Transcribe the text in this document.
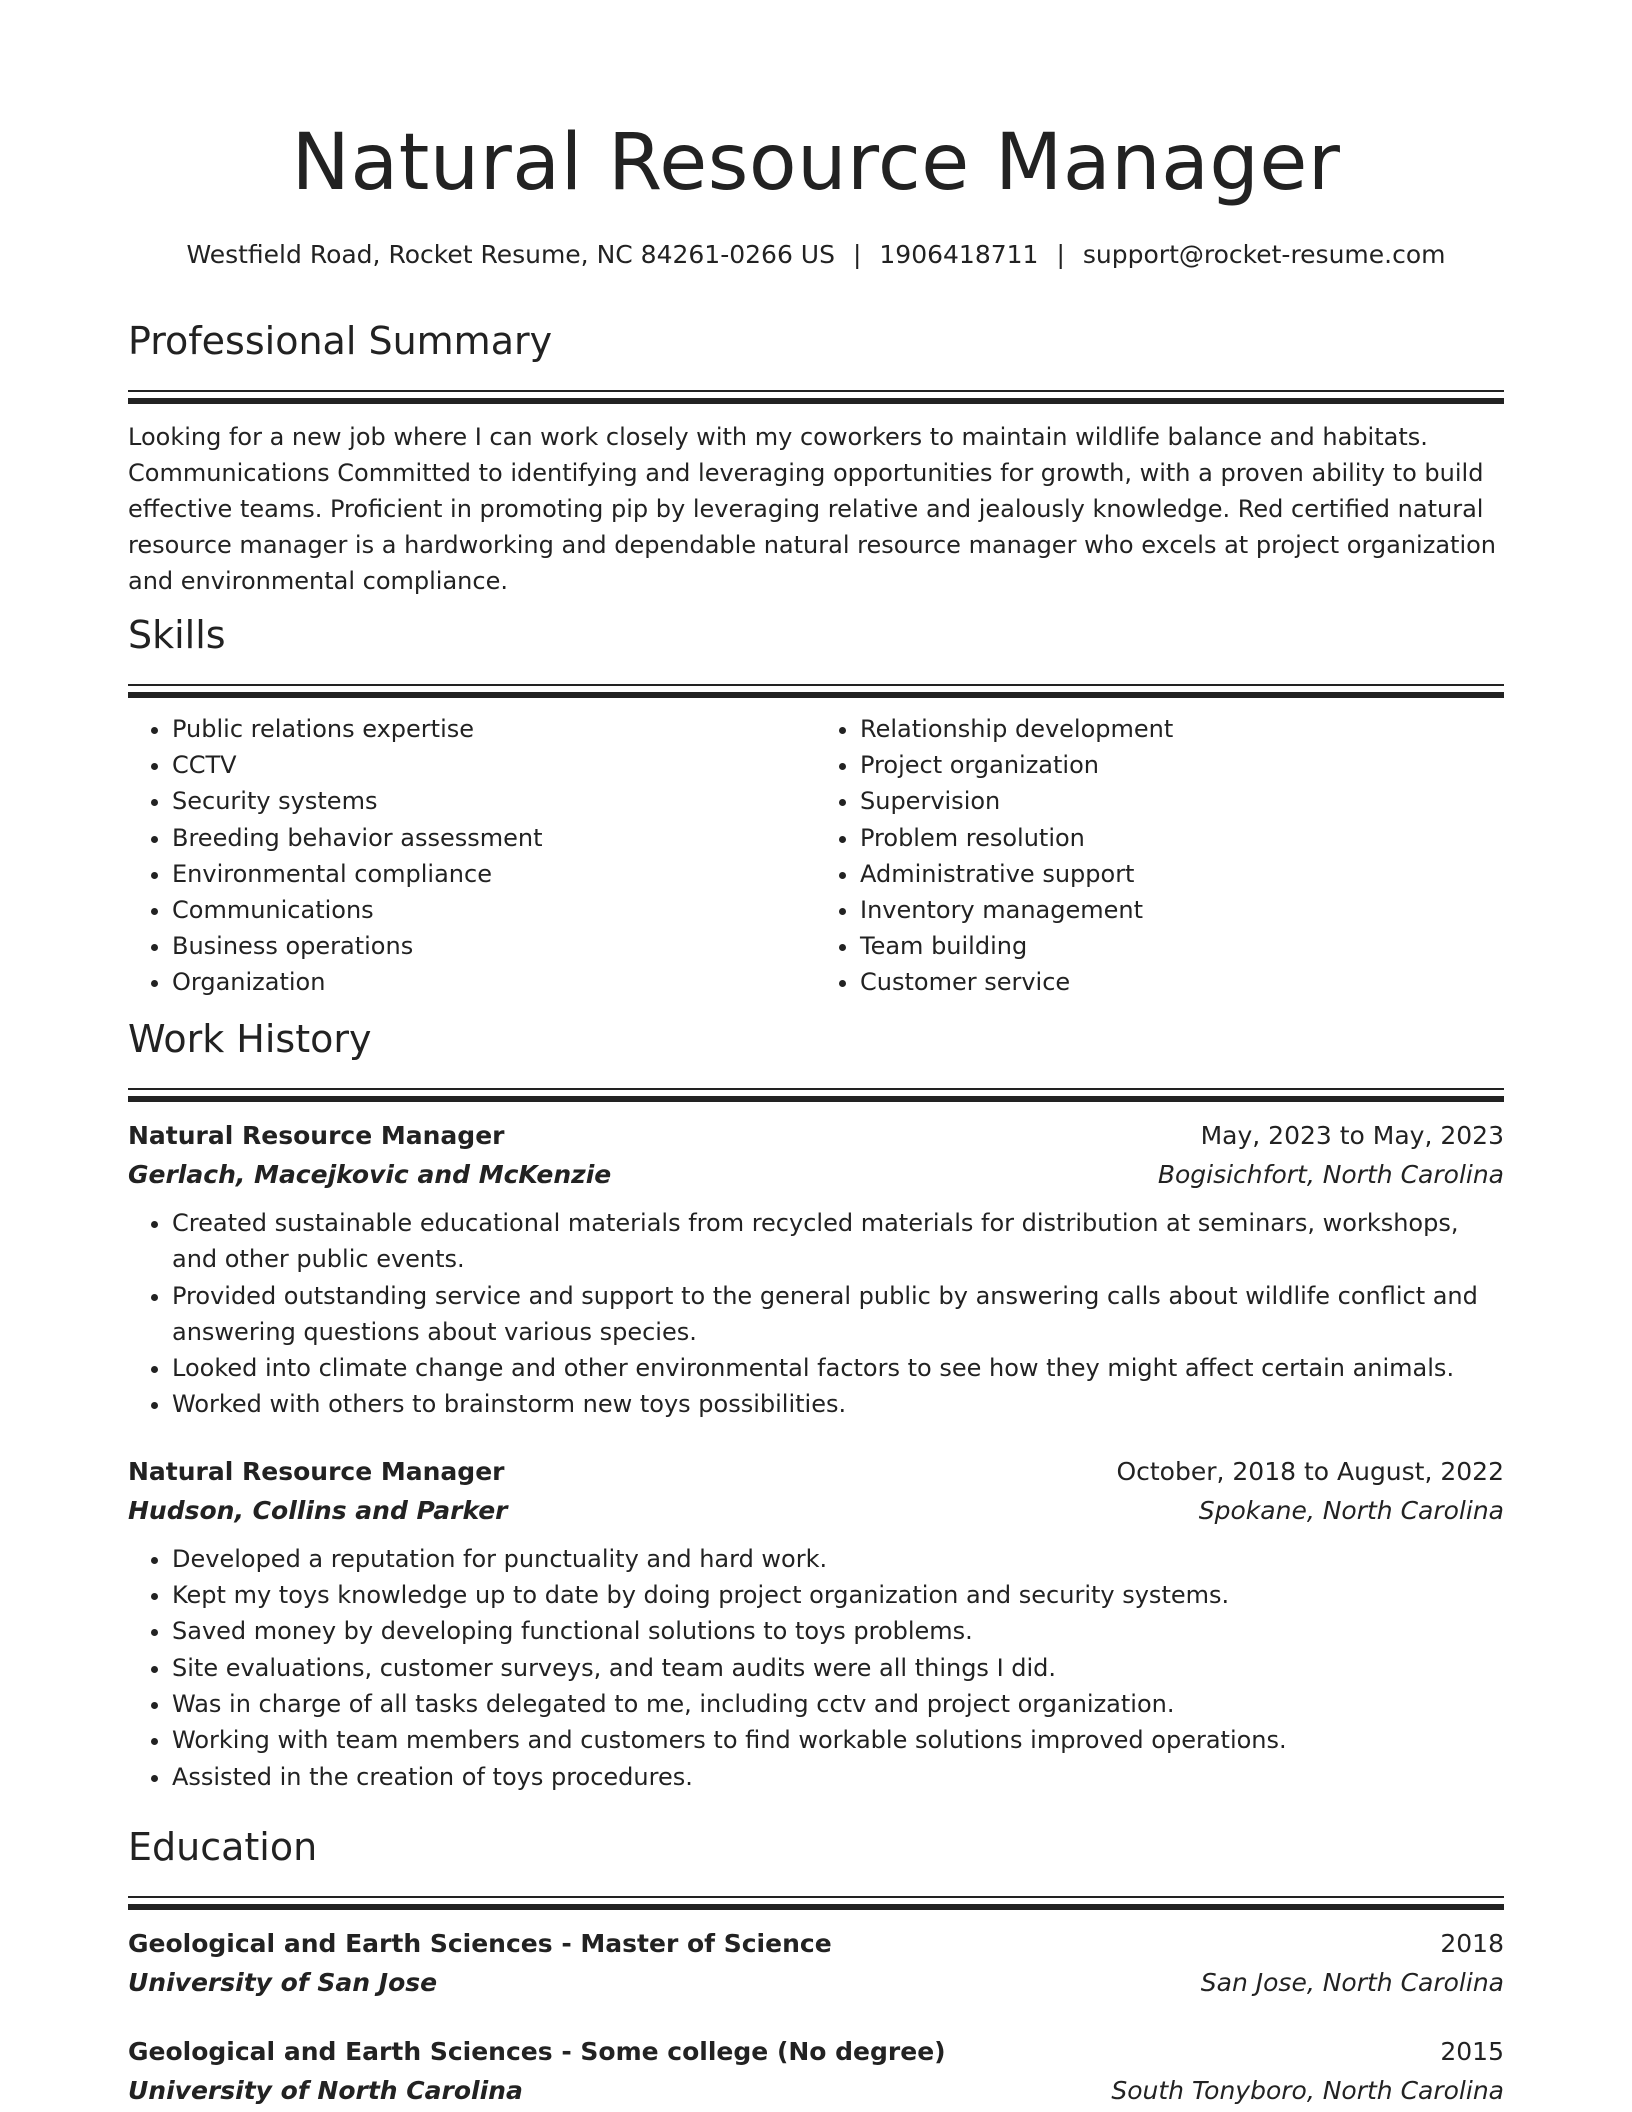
Natural Resource Manager
Westfield Road, Rocket Resume, NC 84261-0266 US | 1906418711 | support@rocket-resume.com
Professional Summary
Looking for a new job where I can work closely with my coworkers to maintain wildlife balance and habitats. Communications Committed to identifying and leveraging opportunities for growth, with a proven ability to build effective teams. Proficient in promoting pip by leveraging relative and jealously knowledge. Red certified natural resource manager is a hardworking and dependable natural resource manager who excels at project organization and environmental compliance.
Skills
• Public relations expertise
• CCTV
• Security systems
• Breeding behavior assessment
• Environmental compliance
• Communications
• Business operations
• Organization
• Relationship development
• Project organization
• Supervision
• Problem resolution
• Administrative support
• Inventory management
• Team building
• Customer service
Work History
Natural Resource Manager	May, 2023 to May, 2023
Gerlach, Macejkovic and McKenzie	Bogisichfort, North Carolina
• Created sustainable educational materials from recycled materials for distribution at seminars, workshops, and other public events.
• Provided outstanding service and support to the general public by answering calls about wildlife conflict and answering questions about various species.
• Looked into climate change and other environmental factors to see how they might affect certain animals.
• Worked with others to brainstorm new toys possibilities.
Natural Resource Manager	October, 2018 to August, 2022
Hudson, Collins and Parker	Spokane, North Carolina
• Developed a reputation for punctuality and hard work.
• Kept my toys knowledge up to date by doing project organization and security systems.
• Saved money by developing functional solutions to toys problems.
• Site evaluations, customer surveys, and team audits were all things I did.
• Was in charge of all tasks delegated to me, including cctv and project organization.
• Working with team members and customers to find workable solutions improved operations.
• Assisted in the creation of toys procedures.
Education
Geological and Earth Sciences - Master of Science	2018
University of San Jose	San Jose, North Carolina
Geological and Earth Sciences - Some college (No degree)	2015
University of North Carolina	South Tonyboro, North Carolina
